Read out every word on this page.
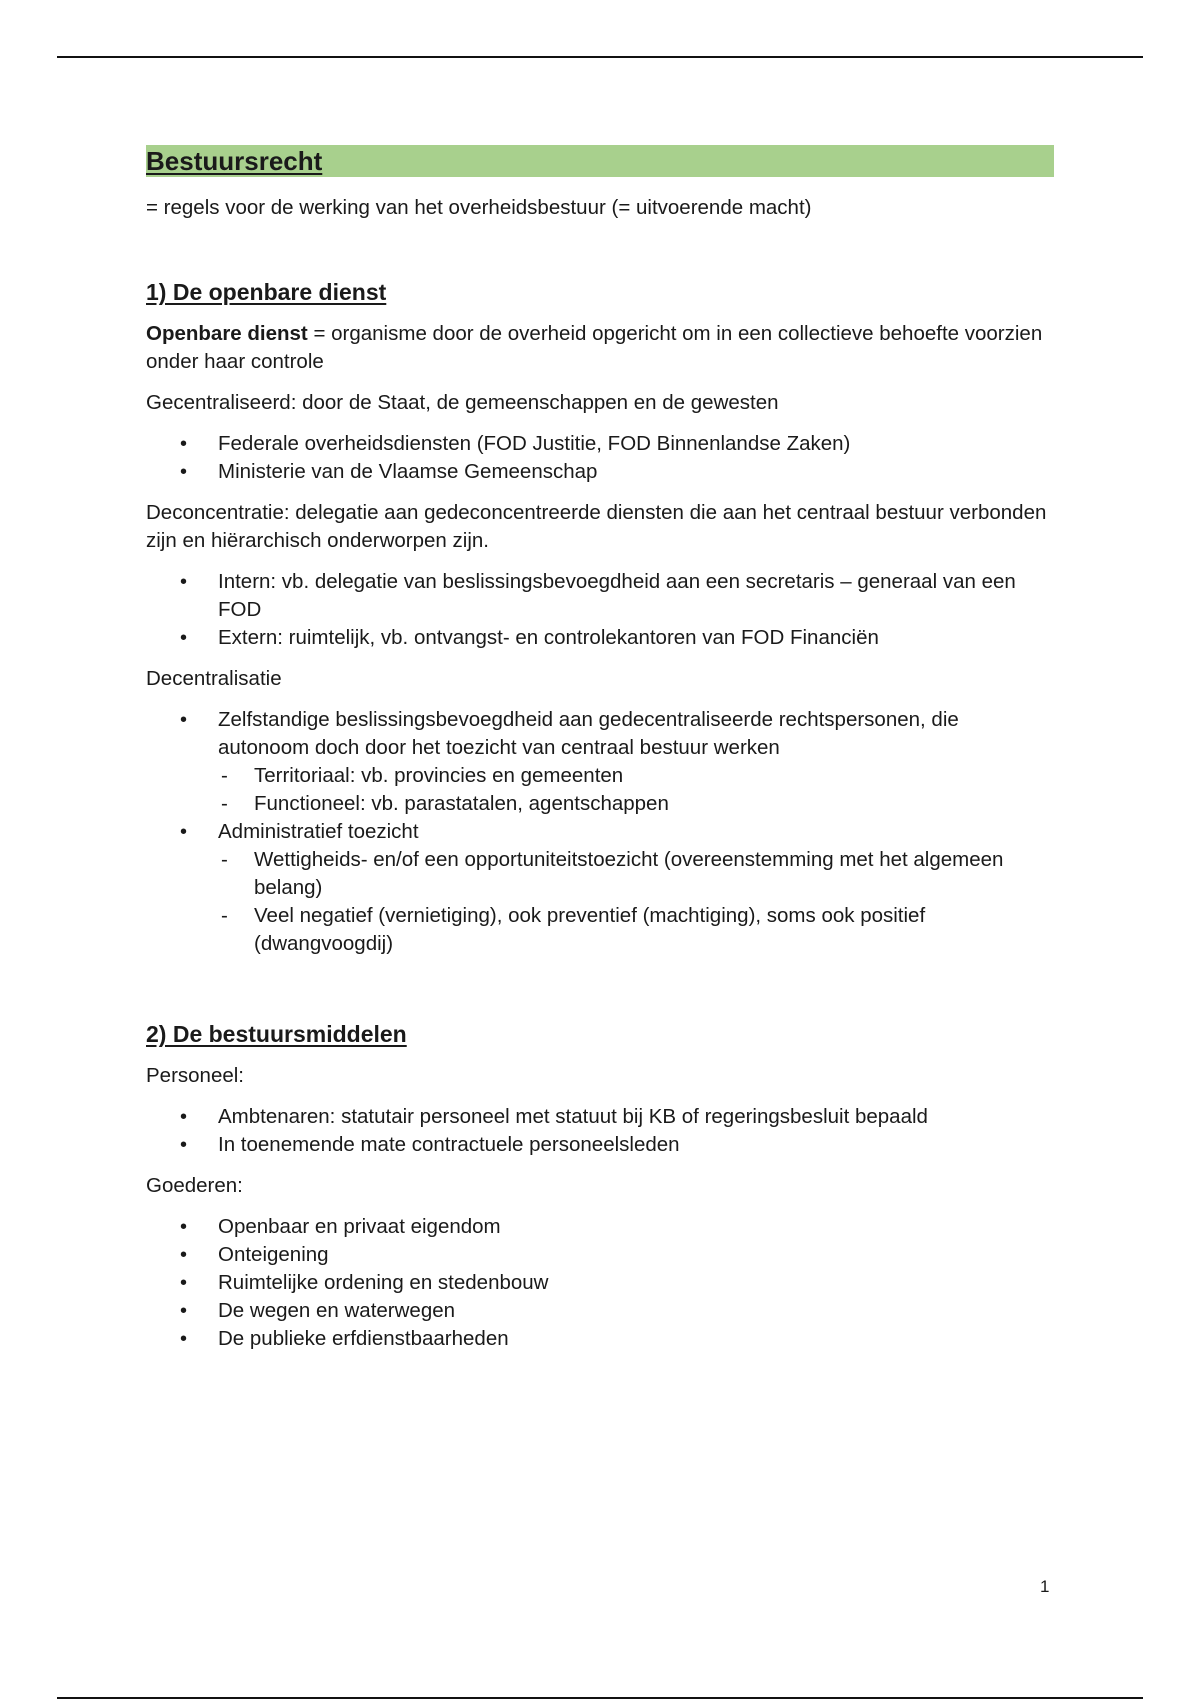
Bestuursrecht

= regels voor de werking van het overheidsbestuur (= uitvoerende macht)

1) De openbare dienst

Openbare dienst = organisme door de overheid opgericht om in een collectieve behoefte voorzien onder haar controle

Gecentraliseerd: door de Staat, de gemeenschappen en de gewesten

• Federale overheidsdiensten (FOD Justitie, FOD Binnenlandse Zaken)
• Ministerie van de Vlaamse Gemeenschap

Deconcentratie: delegatie aan gedeconcentreerde diensten die aan het centraal bestuur verbonden zijn en hiërarchisch onderworpen zijn.

• Intern: vb. delegatie van beslissingsbevoegdheid aan een secretaris – generaal van een FOD
• Extern: ruimtelijk, vb. ontvangst- en controlekantoren van FOD Financiën

Decentralisatie

• Zelfstandige beslissingsbevoegdheid aan gedecentraliseerde rechtspersonen, die autonoom doch door het toezicht van centraal bestuur werken
- Territoriaal: vb. provincies en gemeenten
- Functioneel: vb. parastatalen, agentschappen
• Administratief toezicht
- Wettigheids- en/of een opportuniteitstoezicht (overeenstemming met het algemeen belang)
- Veel negatief (vernietiging), ook preventief (machtiging), soms ook positief (dwangvoogdij)
2) De bestuursmiddelen

Personeel:

• Ambtenaren: statutair personeel met statuut bij KB of regeringsbesluit bepaald
• In toenemende mate contractuele personeelsleden

Goederen:

• Openbaar en privaat eigendom
• Onteigening
• Ruimtelijke ordening en stedenbouw
• De wegen en waterwegen
• De publieke erfdienstbaarheden
1
